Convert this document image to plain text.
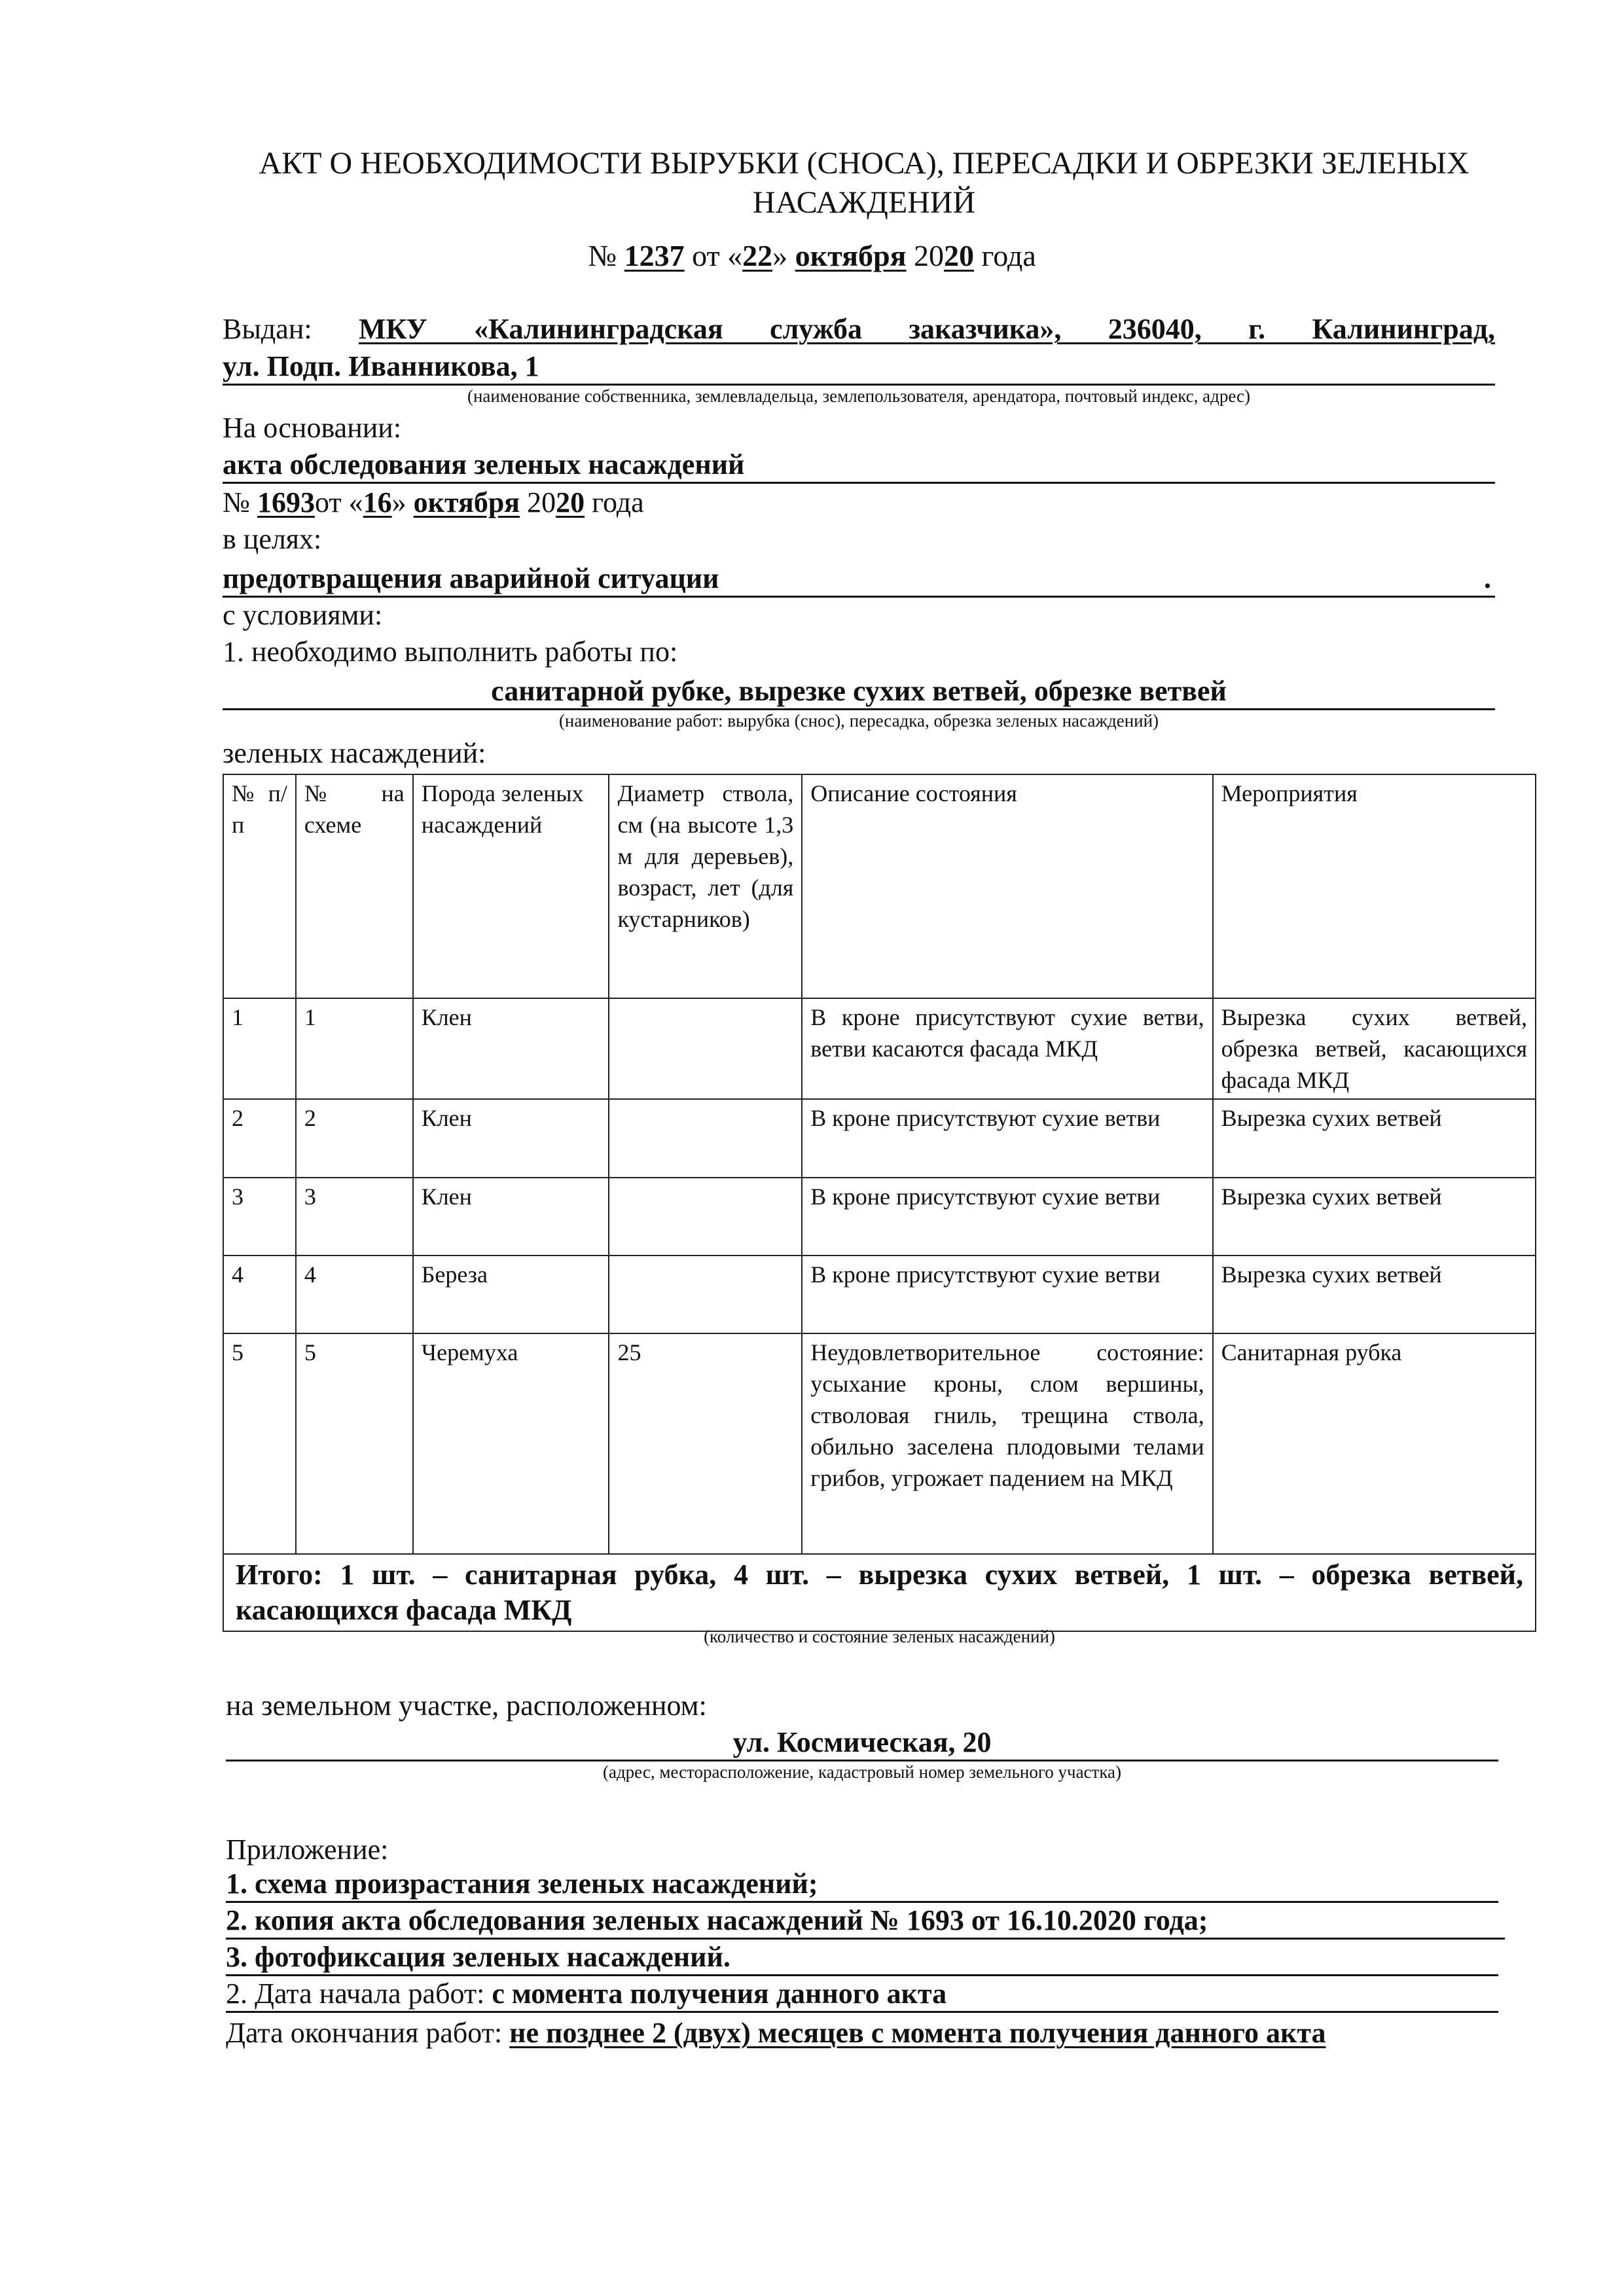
АКТ О НЕОБХОДИМОСТИ ВЫРУБКИ (СНОСА), ПЕРЕСАДКИ И ОБРЕЗКИ ЗЕЛЕНЫХ НАСАЖДЕНИЙ
№ 1237 от «22» октября 2020 года
Выдан: МКУ «Калининградская служба заказчика», 236040, г. Калининград,
ул. Подп. Иванникова, 1
(наименование собственника, землевладельца, землепользователя, арендатора, почтовый индекс, адрес)
На основании:
акта обследования зеленых насаждений
№ 1693от «16» октября 2020 года
в целях:
предотвращения аварийной ситуации	.
с условиями:
1. необходимо выполнить работы по:
санитарной рубке, вырезке сухих ветвей, обрезке ветвей
(наименование работ: вырубка (снос), пересадка, обрезка зеленых насаждений)
зеленых насаждений:
№ п/п	№ на схеме	Порода зеленых насаждений	Диаметр ствола, см (на высоте 1,3 м для деревьев), возраст, лет (для кустарников)	Описание состояния	Мероприятия
1	1	Клен		В кроне присутствуют сухие ветви, ветви касаются фасада МКД	Вырезка сухих ветвей, обрезка ветвей, касающихся фасада МКД
2	2	Клен		В кроне присутствуют сухие ветви	Вырезка сухих ветвей
3	3	Клен		В кроне присутствуют сухие ветви	Вырезка сухих ветвей
4	4	Береза		В кроне присутствуют сухие ветви	Вырезка сухих ветвей
5	5	Черемуха	25	Неудовлетворительное состояние: усыхание кроны, слом вершины, стволовая гниль, трещина ствола, обильно заселена плодовыми телами грибов, угрожает падением на МКД	Санитарная рубка
Итого: 1 шт. – санитарная рубка, 4 шт. – вырезка сухих ветвей, 1 шт. – обрезка ветвей, касающихся фасада МКД					
(количество и состояние зеленых насаждений)
на земельном участке, расположенном:
ул. Космическая, 20
(адрес, месторасположение, кадастровый номер земельного участка)
Приложение:
1. схема произрастания зеленых насаждений;
2. копия акта обследования зеленых насаждений № 1693 от 16.10.2020 года;
3. фотофиксация зеленых насаждений.
2. Дата начала работ: с момента получения данного акта
Дата окончания работ: не позднее 2 (двух) месяцев с момента получения данного акта
